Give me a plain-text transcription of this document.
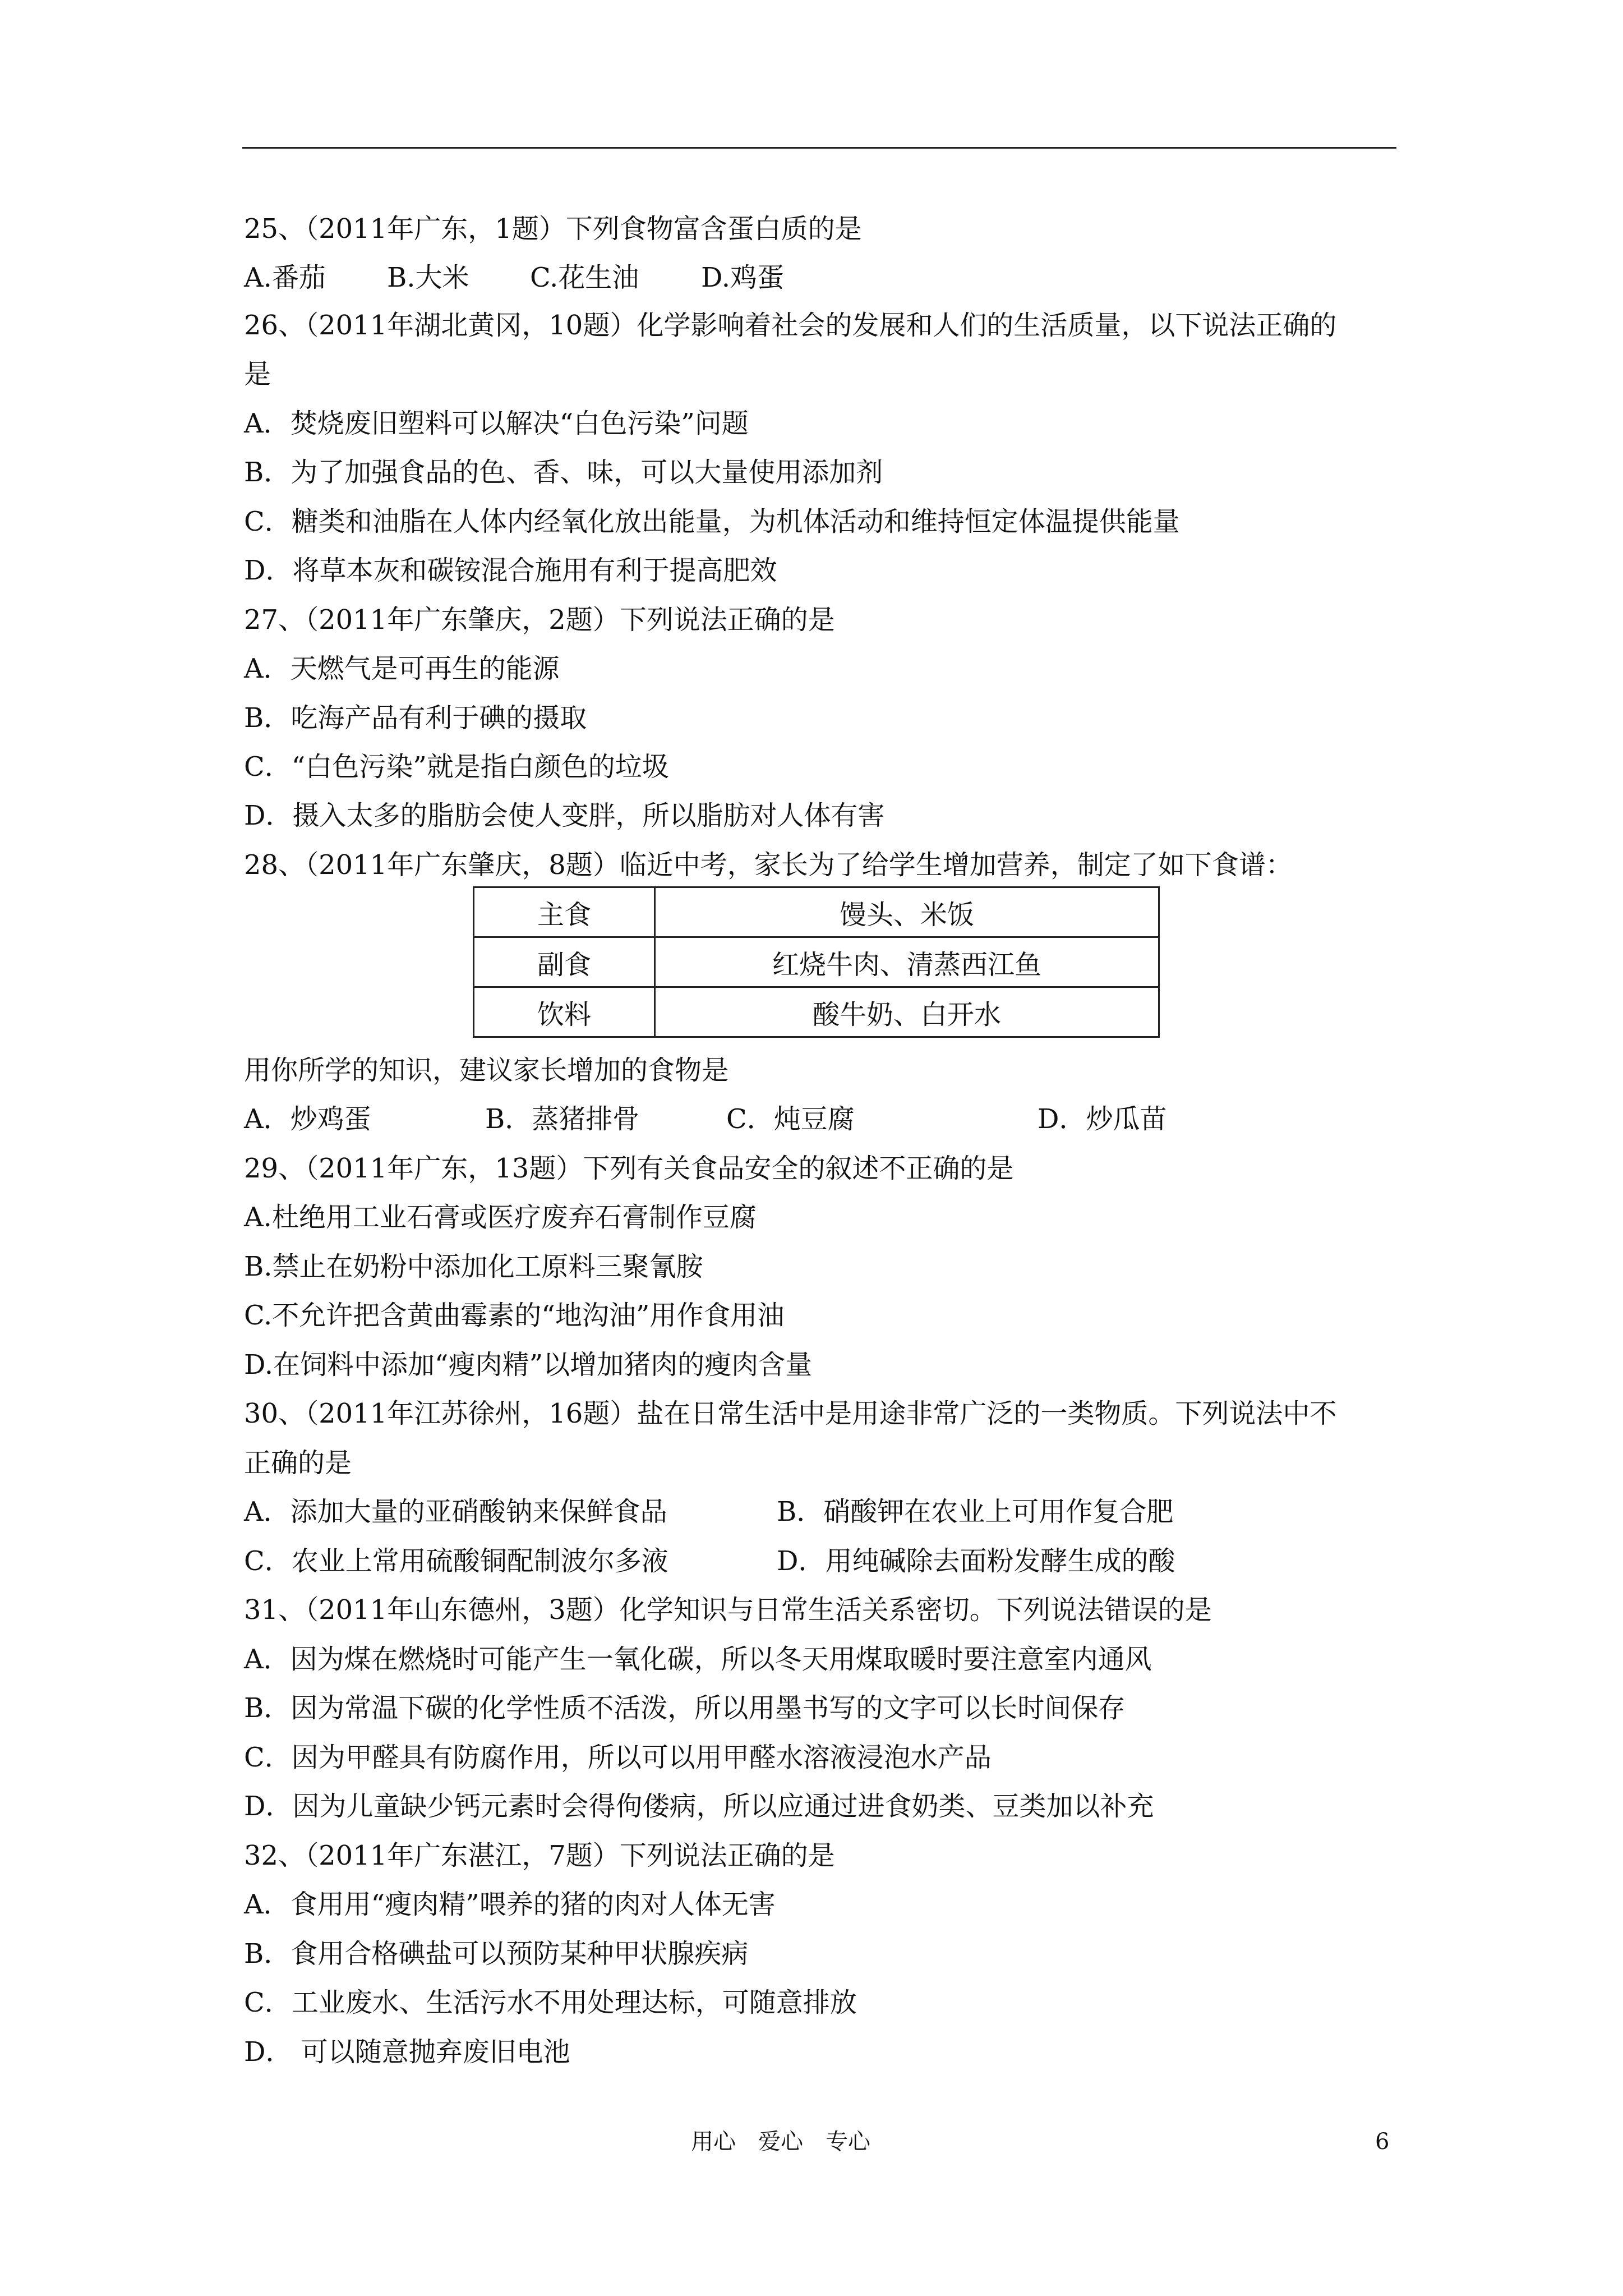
25、（2011年广东，1题）下列食物富含蛋白质的是
A.番茄 B.大米 C.花生油 D.鸡蛋
26、（2011年湖北黄冈，10题）化学影响着社会的发展和人们的生活质量，以下说法正确的
是
A．焚烧废旧塑料可以解决“白色污染”问题
B．为了加强食品的色、香、味，可以大量使用添加剂
C．糖类和油脂在人体内经氧化放出能量，为机体活动和维持恒定体温提供能量
D．将草本灰和碳铵混合施用有利于提高肥效
27、（2011年广东肇庆，2题）下列说法正确的是
A．天燃气是可再生的能源
B．吃海产品有利于碘的摄取
C．“白色污染”就是指白颜色的垃圾
D．摄入太多的脂肪会使人变胖，所以脂肪对人体有害
28、（2011年广东肇庆，8题）临近中考，家长为了给学生增加营养，制定了如下食谱：
主食	馒头、米饭
副食	红烧牛肉、清蒸西江鱼
饮料	酸牛奶、白开水
用你所学的知识，建议家长增加的食物是
A．炒鸡蛋	B．蒸猪排骨	C．炖豆腐	D．炒瓜苗
29、（2011年广东，13题）下列有关食品安全的叙述不正确的是
A.杜绝用工业石膏或医疗废弃石膏制作豆腐
B.禁止在奶粉中添加化工原料三聚氰胺
C.不允许把含黄曲霉素的“地沟油”用作食用油
D.在饲料中添加“瘦肉精”以增加猪肉的瘦肉含量
30、（2011年江苏徐州，16题）盐在日常生活中是用途非常广泛的一类物质。下列说法中不
正确的是
A．添加大量的亚硝酸钠来保鲜食品	B．硝酸钾在农业上可用作复合肥
C．农业上常用硫酸铜配制波尔多液	D．用纯碱除去面粉发酵生成的酸
31、（2011年山东德州，3题）化学知识与日常生活关系密切。下列说法错误的是
A．因为煤在燃烧时可能产生一氧化碳，所以冬天用煤取暖时要注意室内通风
B．因为常温下碳的化学性质不活泼，所以用墨书写的文字可以长时间保存
C．因为甲醛具有防腐作用，所以可以用甲醛水溶液浸泡水产品
D．因为儿童缺少钙元素时会得佝偻病，所以应通过进食奶类、豆类加以补充
32、（2011年广东湛江，7题）下列说法正确的是
A．食用用“瘦肉精”喂养的猪的肉对人体无害
B．食用合格碘盐可以预防某种甲状腺疾病
C．工业废水、生活污水不用处理达标，可随意排放
D． 可以随意抛弃废旧电池
用心　爱心　专心	6
